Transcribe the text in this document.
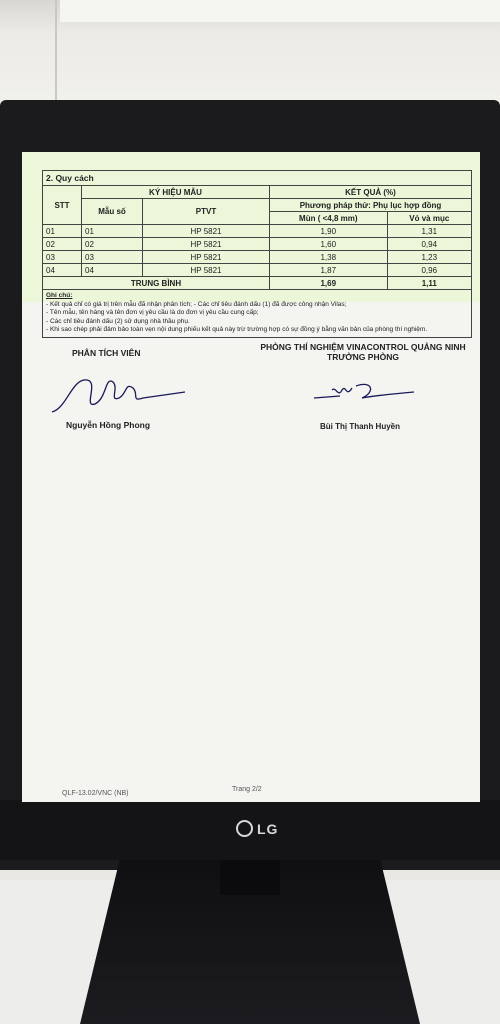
LG
2. Quy cách
STT	KÝ HIỆU MẪU		KẾT QUẢ (%)	
	Mẫu số	PTVT	Phương pháp thử: Phụ lục hợp đồng	
			Mùn ( <4,8 mm)	Vỏ và mục
01	01	HP 5821	1,90	1,31
02	02	HP 5821	1,60	0,94
03	03	HP 5821	1,38	1,23
04	04	HP 5821	1,87	0,96
TRUNG BÌNH			1,69	1,11
Ghi chú:
- Kết quả chỉ có giá trị trên mẫu đã nhận phân tích; - Các chỉ tiêu đánh dấu (1) đã được công nhận Vilas;
- Tên mẫu, tên hàng và tên đơn vị yêu cầu là do đơn vị yêu cầu cung cấp;
- Các chỉ tiêu đánh dấu (2) sử dụng nhà thầu phụ.
- Khi sao chép phải đảm bảo toàn vẹn nội dung phiếu kết quả này trừ trường hợp có sự đồng ý bằng văn bản của phòng thí nghiệm.
PHÂN TÍCH VIÊN
PHÒNG THÍ NGHIỆM VINACONTROL QUẢNG NINH
TRƯỞNG PHÒNG
Nguyễn Hồng Phong	Bùi Thị Thanh Huyền
QLF-13.02/VNC (NB)
Trang 2/2
